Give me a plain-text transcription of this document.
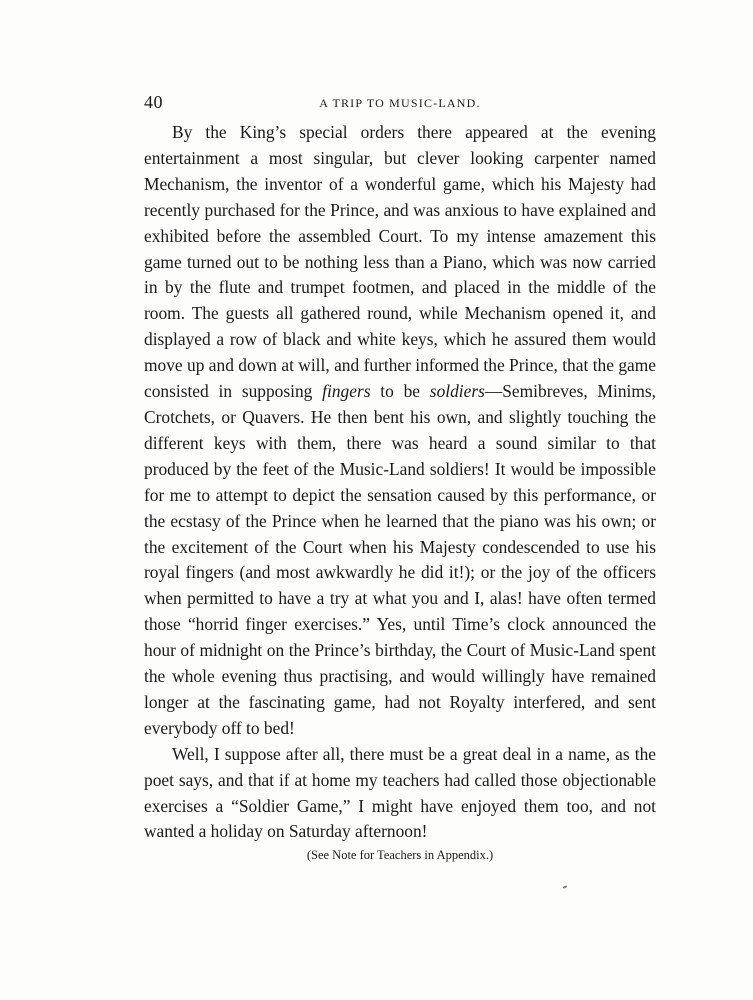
40	A TRIP TO MUSIC-LAND.

By the King’s special orders there appeared at the evening entertainment a most singular, but clever looking carpenter named Mechanism, the inventor of a wonderful game, which his Majesty had recently purchased for the Prince, and was anxious to have explained and exhibited before the assembled Court. To my intense amazement this game turned out to be nothing less than a Piano, which was now carried in by the flute and trumpet footmen, and placed in the middle of the room. The guests all gathered round, while Mechanism opened it, and displayed a row of black and white keys, which he assured them would move up and down at will, and further informed the Prince, that the game consisted in supposing fingers to be soldiers—Semibreves, Minims, Crotchets, or Quavers. He then bent his own, and slightly touching the different keys with them, there was heard a sound similar to that produced by the feet of the Music-Land soldiers! It would be impossible for me to attempt to depict the sensation caused by this performance, or the ecstasy of the Prince when he learned that the piano was his own; or the excitement of the Court when his Majesty condescended to use his royal fingers (and most awkwardly he did it!); or the joy of the officers when permitted to have a try at what you and I, alas! have often termed those “horrid finger exercises.” Yes, until Time’s clock announced the hour of midnight on the Prince’s birthday, the Court of Music-Land spent the whole evening thus practising, and would willingly have remained longer at the fascinating game, had not Royalty interfered, and sent everybody off to bed!

Well, I suppose after all, there must be a great deal in a name, as the poet says, and that if at home my teachers had called those objectionable exercises a “Soldier Game,” I might have enjoyed them too, and not wanted a holiday on Saturday afternoon!

(See Note for Teachers in Appendix.)
